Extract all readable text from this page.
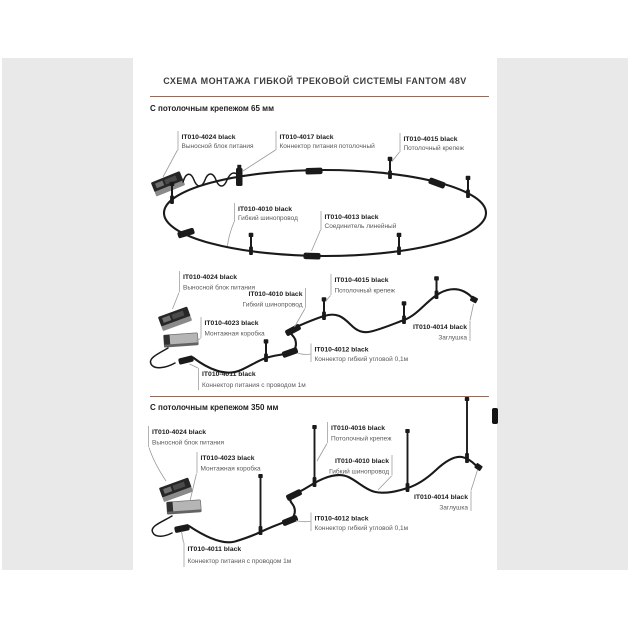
СХЕМА МОНТАЖА ГИБКОЙ ТРЕКОВОЙ СИСТЕМЫ FANTOM 48V
С потолочным крепежом 65 мм
С потолочным крепежом 350 мм
IT010-4024 black
Выносной блок питания
IT010-4017 black
Коннектор питания потолочный
IT010-4015 black
Потолочный крепеж
IT010-4010 black
Гибкий шинопровод	IT010-4013 black
Соединитель линейный
IT010-4024 black
Выносной блок питания
IT010-4010 black
Гибкий шинопровод
IT010-4023 black
Монтажная коробка
IT010-4015 black
Потолочный крепеж
IT010-4014 black
Заглушка
IT010-4012 black
Коннектор гибкий угловой 0,1м
IT010-4011 black
Коннектор питания с проводом 1м
IT010-4024 black
Выносной блок питания
IT010-4023 black
Монтажная коробка
IT010-4016 black
Потолочный крепеж
IT010-4010 black
Гибкий шинопровод
IT010-4014 black
Заглушка
IT010-4012 black
Коннектор гибкий угловой 0,1м
IT010-4011 black
Коннектор питания с проводом 1м
